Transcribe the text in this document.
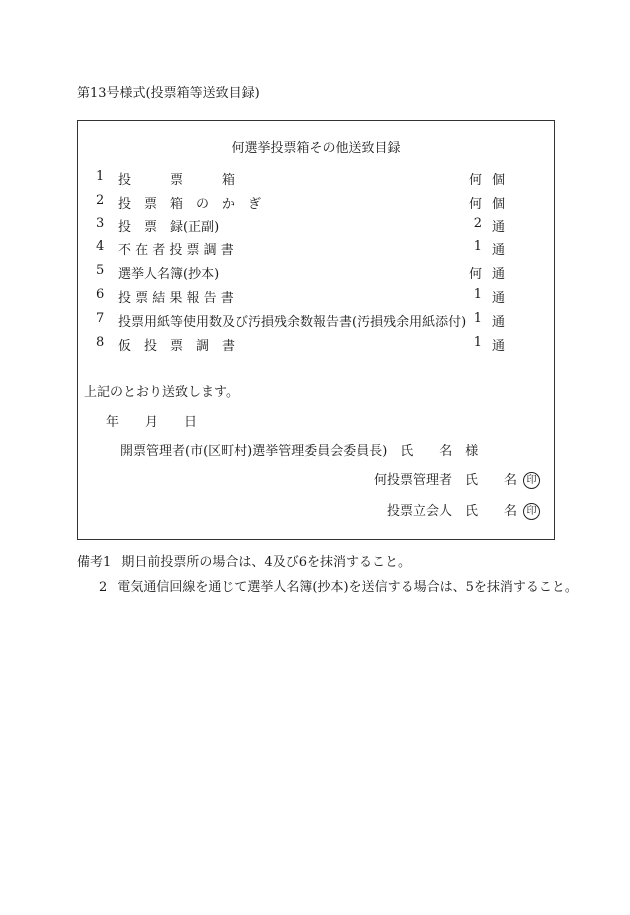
第13号様式(投票箱等送致目録)
何選挙投票箱その他送致目録
1	投　　　票　　　箱	何 個
2	投　票　箱　の　か　ぎ	何 個
3	投　票　録(正副)	2 通
4	不 在 者 投 票 調 書	1 通
5	選挙人名簿(抄本)	何 通
6	投 票 結 果 報 告 書	1 通
7	投票用紙等使用数及び汚損残余数報告書(汚損残余用紙添付) 1 通
8	仮　投　票　調　書	1 通
上記のとおり送致します。
年　　月　　日
開票管理者(市(区町村)選挙管理委員会委員長)　氏　　名　様
何投票管理者　氏　　名 印
投票立会人　氏　　名 印
備考1 期日前投票所の場合は、4及び6を抹消すること。
2 電気通信回線を通じて選挙人名簿(抄本)を送信する場合は、5を抹消すること。
